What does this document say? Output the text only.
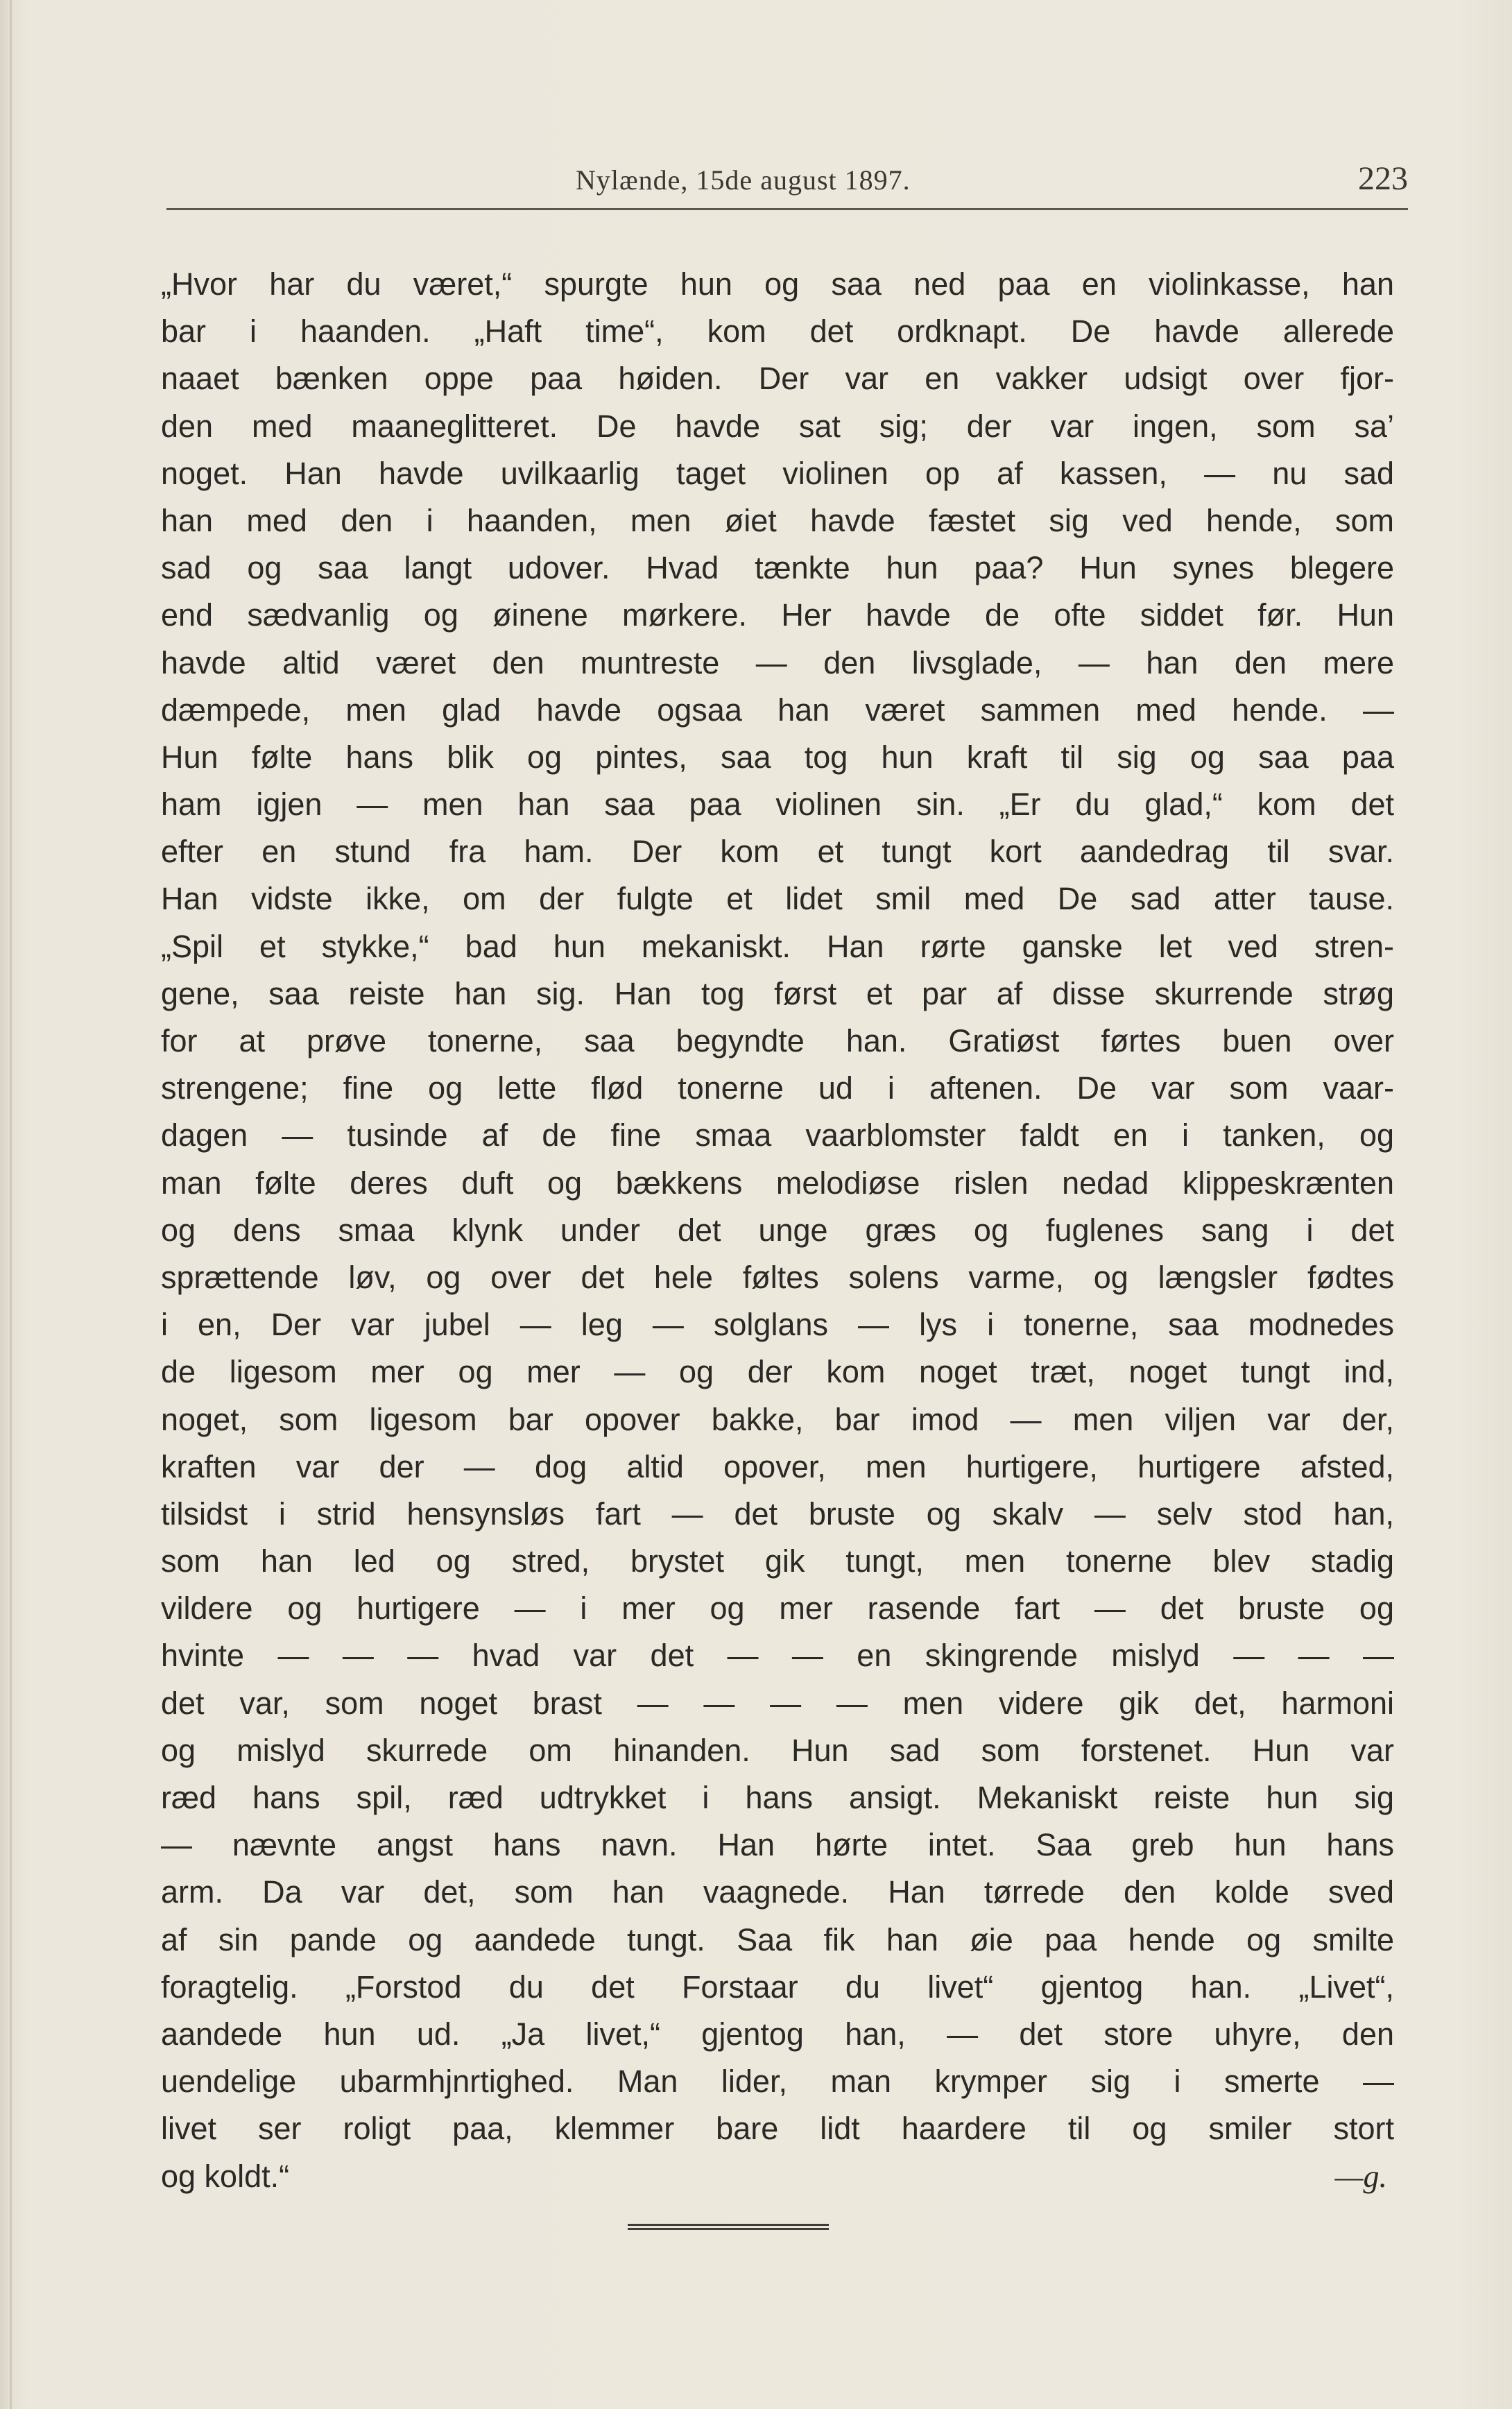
Nylænde, 15de august 1897.	223
„Hvor har du været,“ spurgte hun og saa ned paa en violinkasse, han
bar i haanden. „Haft time“, kom det ordknapt. De havde allerede
naaet bænken oppe paa høiden. Der var en vakker udsigt over fjor-
den med maaneglitteret. De havde sat sig; der var ingen, som sa’
noget. Han havde uvilkaarlig taget violinen op af kassen, — nu sad
han med den i haanden, men øiet havde fæstet sig ved hende, som
sad og saa langt udover. Hvad tænkte hun paa? Hun synes blegere
end sædvanlig og øinene mørkere. Her havde de ofte siddet før. Hun
havde altid været den muntreste — den livsglade, — han den mere
dæmpede, men glad havde ogsaa han været sammen med hende. —
Hun følte hans blik og pintes, saa tog hun kraft til sig og saa paa
ham igjen — men han saa paa violinen sin. „Er du glad,“ kom det
efter en stund fra ham. Der kom et tungt kort aandedrag til svar.
Han vidste ikke, om der fulgte et lidet smil med De sad atter tause.
„Spil et stykke,“ bad hun mekaniskt. Han rørte ganske let ved stren-
gene, saa reiste han sig. Han tog først et par af disse skurrende strøg
for at prøve tonerne, saa begyndte han. Gratiøst førtes buen over
strengene; fine og lette flød tonerne ud i aftenen. De var som vaar-
dagen — tusinde af de fine smaa vaarblomster faldt en i tanken, og
man følte deres duft og bækkens melodiøse rislen nedad klippeskrænten
og dens smaa klynk under det unge græs og fuglenes sang i det
sprættende løv, og over det hele føltes solens varme, og længsler fødtes
i en, Der var jubel — leg — solglans — lys i tonerne, saa modnedes
de ligesom mer og mer — og der kom noget træt, noget tungt ind,
noget, som ligesom bar opover bakke, bar imod — men viljen var der,
kraften var der — dog altid opover, men hurtigere, hurtigere afsted,
tilsidst i strid hensynsløs fart — det bruste og skalv — selv stod han,
som han led og stred, brystet gik tungt, men tonerne blev stadig
vildere og hurtigere — i mer og mer rasende fart — det bruste og
hvinte — — — hvad var det — — en skingrende mislyd — — —
det var, som noget brast — — — — men videre gik det, harmoni
og mislyd skurrede om hinanden. Hun sad som forstenet. Hun var
ræd hans spil, ræd udtrykket i hans ansigt. Mekaniskt reiste hun sig
— nævnte angst hans navn. Han hørte intet. Saa greb hun hans
arm. Da var det, som han vaagnede. Han tørrede den kolde sved
af sin pande og aandede tungt. Saa fik han øie paa hende og smilte
foragtelig. „Forstod du det Forstaar du livet“ gjentog han. „Livet“,
aandede hun ud. „Ja livet,“ gjentog han, — det store uhyre, den
uendelige ubarmhjnrtighed. Man lider, man krymper sig i smerte —
livet ser roligt paa, klemmer bare lidt haardere til og smiler stort
og koldt.“	—g.
